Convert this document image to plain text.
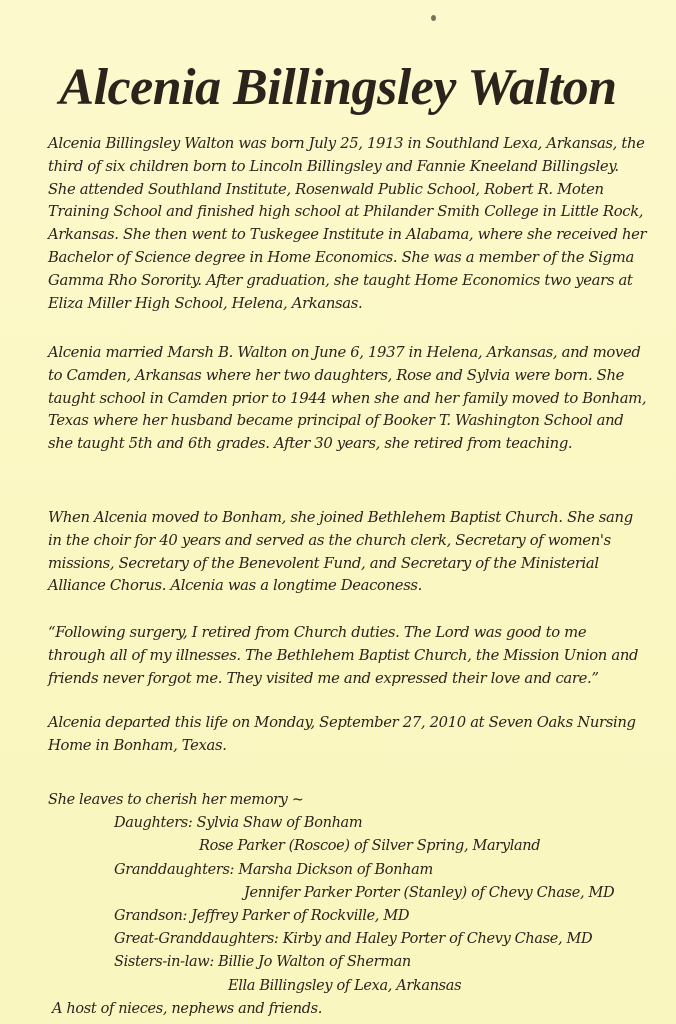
Alcenia Billingsley Walton

Alcenia Billingsley Walton was born July 25, 1913 in Southland Lexa, Arkansas, the third of six children born to Lincoln Billingsley and Fannie Kneeland Billingsley. She attended Southland Institute, Rosenwald Public School, Robert R. Moten Training School and finished high school at Philander Smith College in Little Rock, Arkansas. She then went to Tuskegee Institute in Alabama, where she received her Bachelor of Science degree in Home Economics. She was a member of the Sigma Gamma Rho Sorority. After graduation, she taught Home Economics two years at Eliza Miller High School, Helena, Arkansas.

Alcenia married Marsh B. Walton on June 6, 1937 in Helena, Arkansas, and moved to Camden, Arkansas where her two daughters, Rose and Sylvia were born. She taught school in Camden prior to 1944 when she and her family moved to Bonham, Texas where her husband became principal of Booker T. Washington School and she taught 5th and 6th grades. After 30 years, she retired from teaching.

When Alcenia moved to Bonham, she joined Bethlehem Baptist Church. She sang in the choir for 40 years and served as the church clerk, Secretary of women's missions, Secretary of the Benevolent Fund, and Secretary of the Ministerial Alliance Chorus. Alcenia was a longtime Deaconess.

“Following surgery, I retired from Church duties. The Lord was good to me through all of my illnesses. The Bethlehem Baptist Church, the Mission Union and friends never forgot me. They visited me and expressed their love and care.”

Alcenia departed this life on Monday, September 27, 2010 at Seven Oaks Nursing Home in Bonham, Texas.

She leaves to cherish her memory ~
Daughters: Sylvia Shaw of Bonham
Rose Parker (Roscoe) of Silver Spring, Maryland
Granddaughters: Marsha Dickson of Bonham
Jennifer Parker Porter (Stanley) of Chevy Chase, MD
Grandson: Jeffrey Parker of Rockville, MD
Great-Granddaughters: Kirby and Haley Porter of Chevy Chase, MD
Sisters-in-law: Billie Jo Walton of Sherman
Ella Billingsley of Lexa, Arkansas
A host of nieces, nephews and friends.
